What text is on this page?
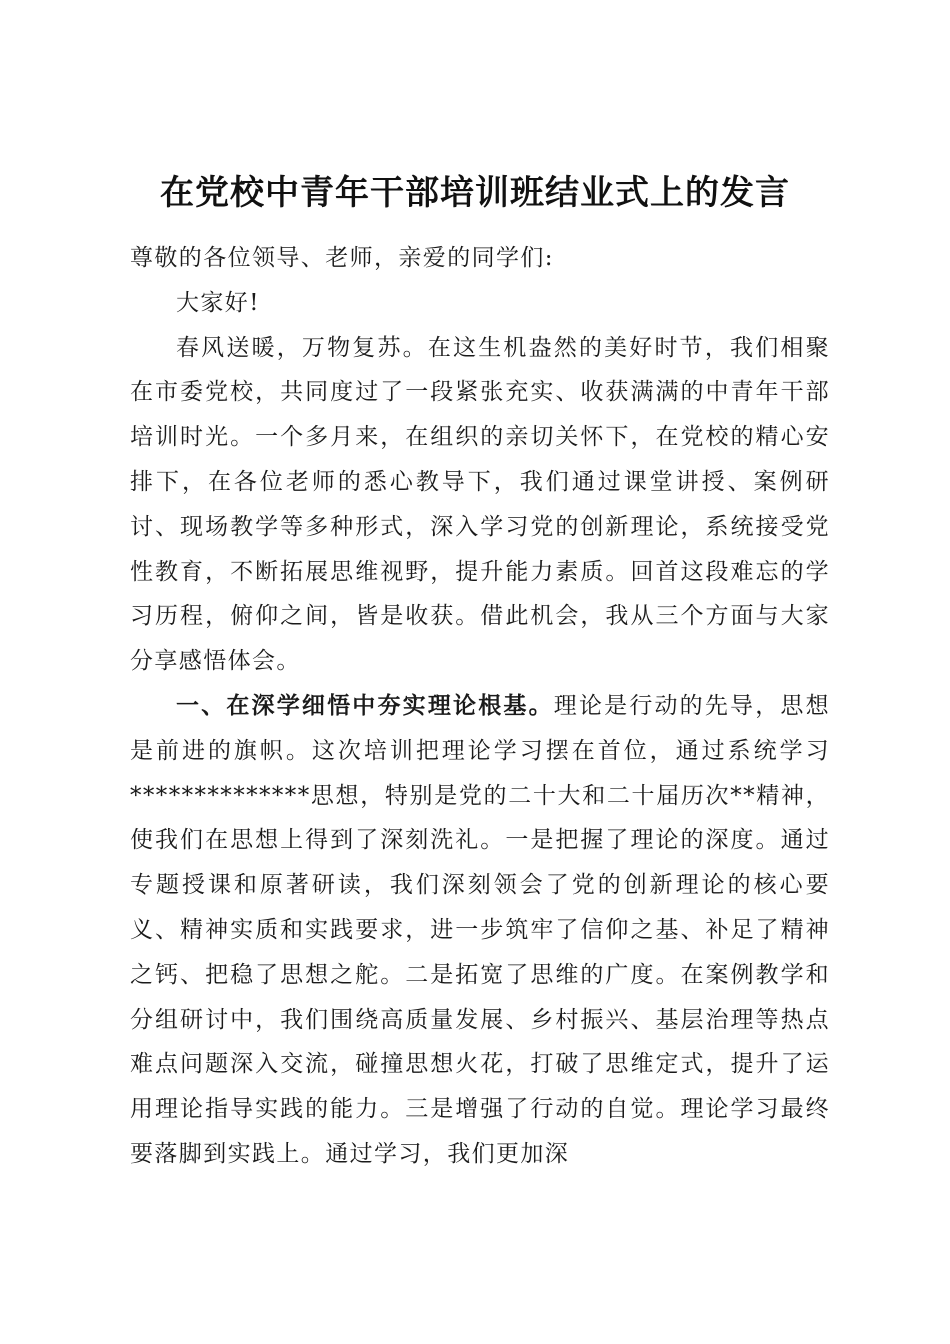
在党校中青年干部培训班结业式上的发言

尊敬的各位领导、老师，亲爱的同学们:

大家好!

春风送暖，万物复苏。在这生机盎然的美好时节，我们相聚在市委党校，共同度过了一段紧张充实、收获满满的中青年干部培训时光。一个多月来，在组织的亲切关怀下，在党校的精心安排下，在各位老师的悉心教导下，我们通过课堂讲授、案例研讨、现场教学等多种形式，深入学习党的创新理论，系统接受党性教育，不断拓展思维视野，提升能力素质。回首这段难忘的学习历程，俯仰之间，皆是收获。借此机会，我从三个方面与大家分享感悟体会。

一、在深学细悟中夯实理论根基。理论是行动的先导，思想是前进的旗帜。这次培训把理论学习摆在首位，通过系统学习**************思想，特别是党的二十大和二十届历次**精神，使我们在思想上得到了深刻洗礼。一是把握了理论的深度。通过专题授课和原著研读，我们深刻领会了党的创新理论的核心要义、精神实质和实践要求，进一步筑牢了信仰之基、补足了精神之钙、把稳了思想之舵。二是拓宽了思维的广度。在案例教学和分组研讨中，我们围绕高质量发展、乡村振兴、基层治理等热点难点问题深入交流，碰撞思想火花，打破了思维定式，提升了运用理论指导实践的能力。三是增强了行动的自觉。理论学习最终要落脚到实践上。通过学习，我们更加深
